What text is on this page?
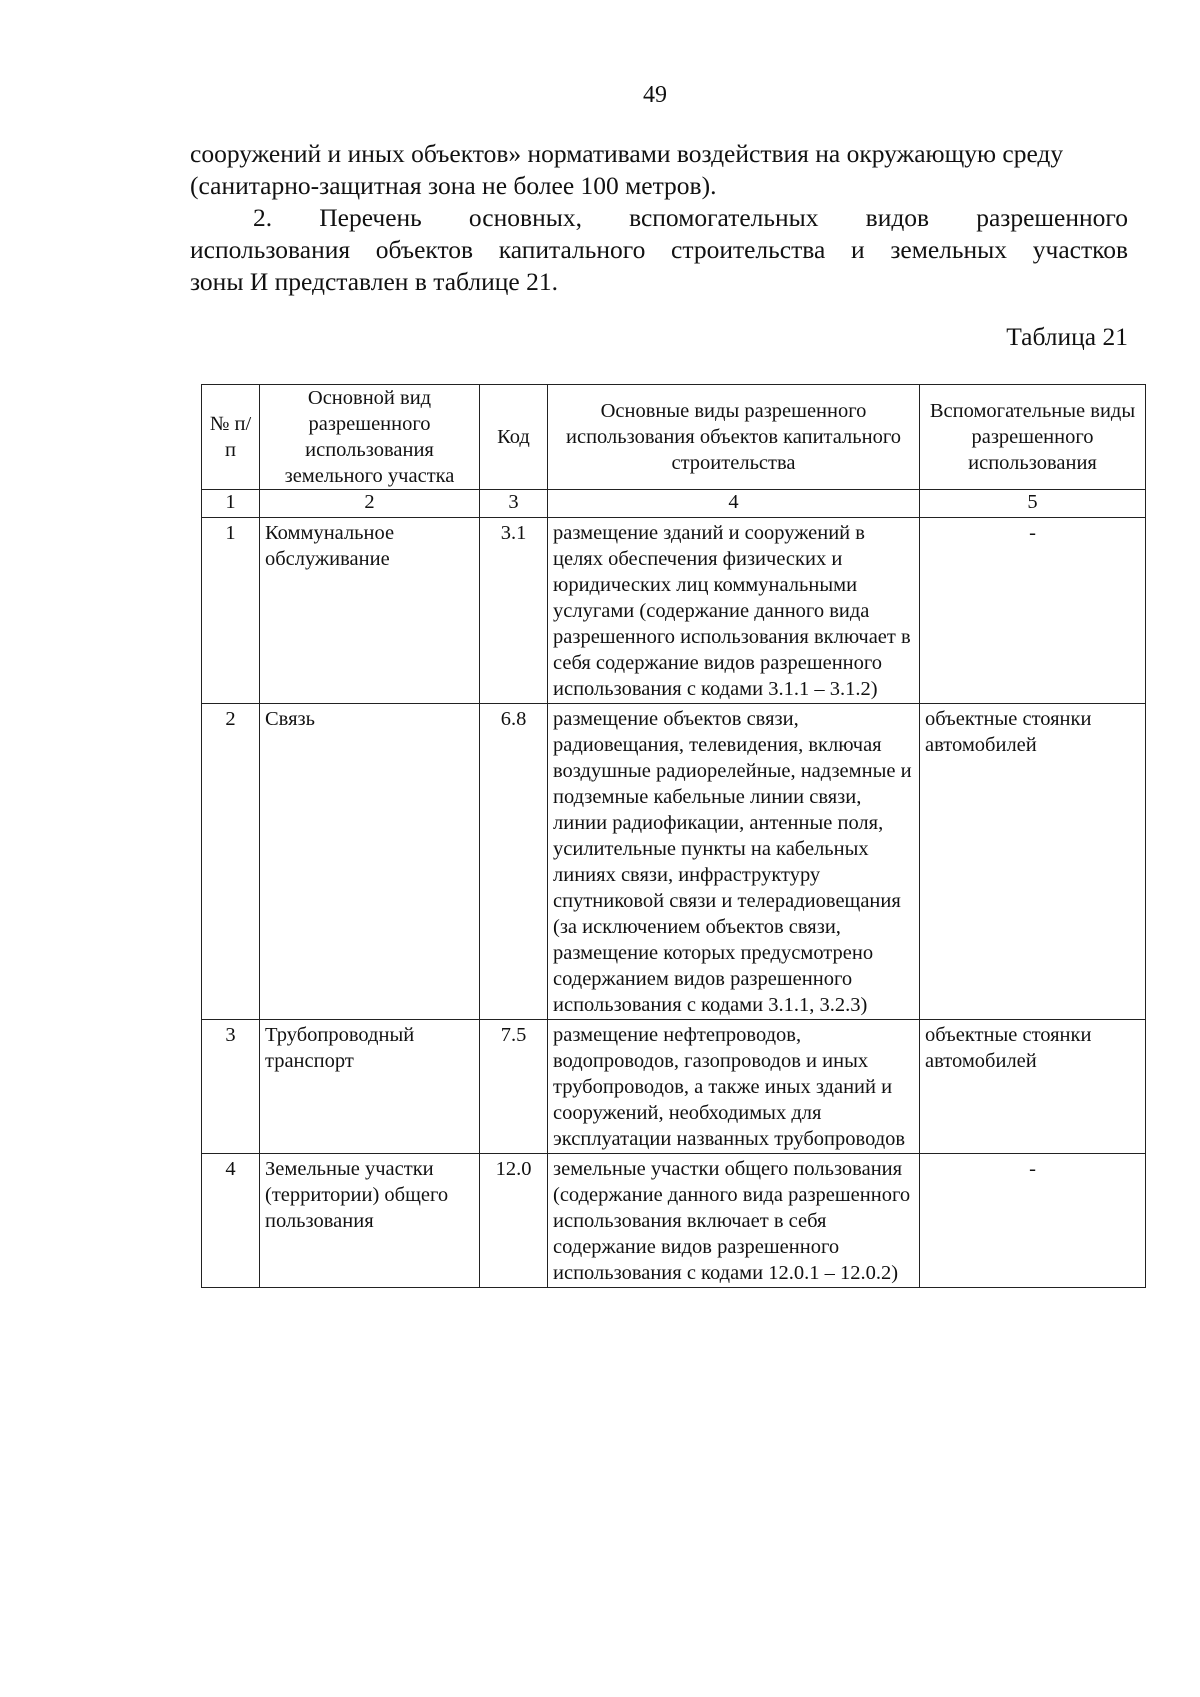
49

сооружений и иных объектов» нормативами воздействия на окружающую среду (санитарно-защитная зона не более 100 метров).

2. Перечень основных, вспомогательных видов разрешенного
использования объектов капитального строительства и земельных участков
зоны И представлен в таблице 21.
Таблица 21
№ п/п	Основной вид разрешенного использования земельного участка	Код	Основные виды разрешенного использования объектов капитального строительства	Вспомогательные виды разрешенного использования
1	2	3	4	5
1	Коммунальное обслуживание	3.1	размещение зданий и сооружений в целях обеспечения физических и юридических лиц коммунальными услугами (содержание данного вида разрешенного использования включает в себя содержание видов разрешенного использования с кодами 3.1.1 – 3.1.2)	-
2	Связь	6.8	размещение объектов связи, радиовещания, телевидения, включая воздушные радиорелейные, надземные и подземные кабельные линии связи, линии радиофикации, антенные поля, усилительные пункты на кабельных линиях связи, инфраструктуру спутниковой связи и телерадиовещания (за исключением объектов связи, размещение которых предусмотрено содержанием видов разрешенного использования с кодами 3.1.1, 3.2.3)	объектные стоянки автомобилей
3	Трубопроводный транспорт	7.5	размещение нефтепроводов, водопроводов, газопроводов и иных трубопроводов, а также иных зданий и сооружений, необходимых для эксплуатации названных трубопроводов	объектные стоянки автомобилей
4	Земельные участки (территории) общего пользования	12.0	земельные участки общего пользования (содержание данного вида разрешенного использования включает в себя содержание видов разрешенного использования с кодами 12.0.1 – 12.0.2)	-
